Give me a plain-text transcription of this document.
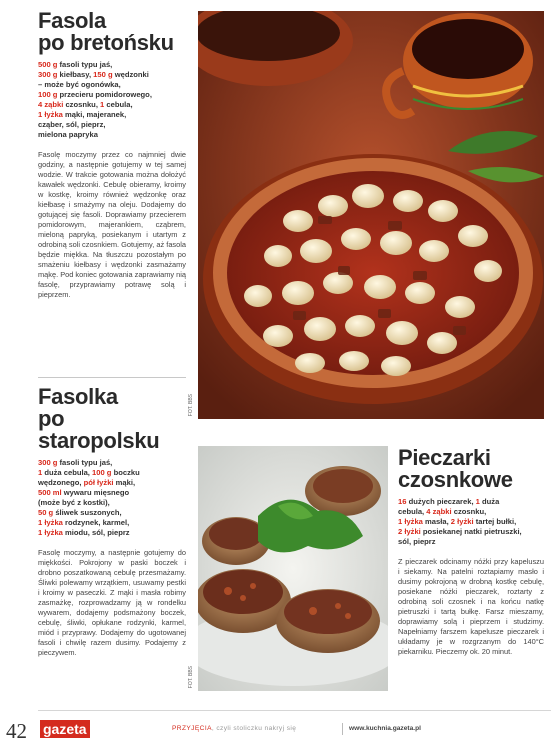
Fasola
po bretońsku
500 g fasoli typu jaś,
300 g kiełbasy, 150 g wędzonki
– może być ogonówka,
100 g przecieru pomidorowego,
4 ząbki czosnku, 1 cebula,
1 łyżka mąki, majeranek,
cząber, sól, pieprz,
mielona papryka
Fasolę moczymy przez co najmniej dwie godziny, a następnie gotujemy w tej samej wodzie. W trakcie gotowania można dołożyć kawałek wędzonki. Cebulę obieramy, kroimy w kostkę, kroimy również wędzonkę oraz kiełbasę i smażymy na oleju. Dodajemy do gotującej się fasoli. Doprawiamy przecierem pomidorowym, majerankiem, cząbrem, mieloną papryką, posiekanym i utartym z odrobiną soli czosnkiem. Gotujemy, aż fasola będzie miękka. Na tłuszczu pozostałym po smażeniu kiełbasy i wędzonki zasmażamy mąkę. Pod koniec gotowania zaprawiamy nią fasolę, przyprawiamy potrawę solą i pieprzem.
Fasolka
po staropolsku
300 g fasoli typu jaś,
1 duża cebula, 100 g boczku
wędzonego, pół łyżki mąki,
500 ml wywaru mięsnego
(może być z kostki),
50 g śliwek suszonych,
1 łyżka rodzynek, karmel,
1 łyżka miodu, sól, pieprz
Fasolę moczymy, a następnie gotujemy do miękkości. Pokrojony w paski boczek i drobno poszatkowaną cebulę przesmażamy. Śliwki polewamy wrzątkiem, usuwamy pestki i kroimy w paseczki. Z mąki i masła robimy zasmażkę, rozprowadzamy ją w rondelku wywarem, dodajemy podsmażony boczek, cebulę, śliwki, opłukane rodzynki, karmel, miód i przyprawy. Dodajemy do ugotowanej fasoli i chwilę razem dusimy. Podajemy z pieczywem.
FOT. BBS
FOT. BBS
Pieczarki
czosnkowe
16 dużych pieczarek, 1 duża
cebula, 4 ząbki czosnku,
1 łyżka masła, 2 łyżki tartej bułki,
2 łyżki posiekanej natki pietruszki,
sól, pieprz
Z pieczarek odcinamy nóżki przy kapeluszu i siekamy. Na patelni roztapiamy masło i dusimy pokrojoną w drobną kostkę cebulę, posiekane nóżki pieczarek, roztarty z odrobiną soli czosnek i na końcu natkę pietruszki i tartą bułkę. Farsz mieszamy, doprawiamy solą i pieprzem i studzimy. Napełniamy farszem kapelusze pieczarek i układamy je w rozgrzanym do 140°C piekarniku. Pieczemy ok. 20 minut.
42 gazeta	PRZYJĘCIA, czyli stoliczku nakryj się	www.kuchnia.gazeta.pl
